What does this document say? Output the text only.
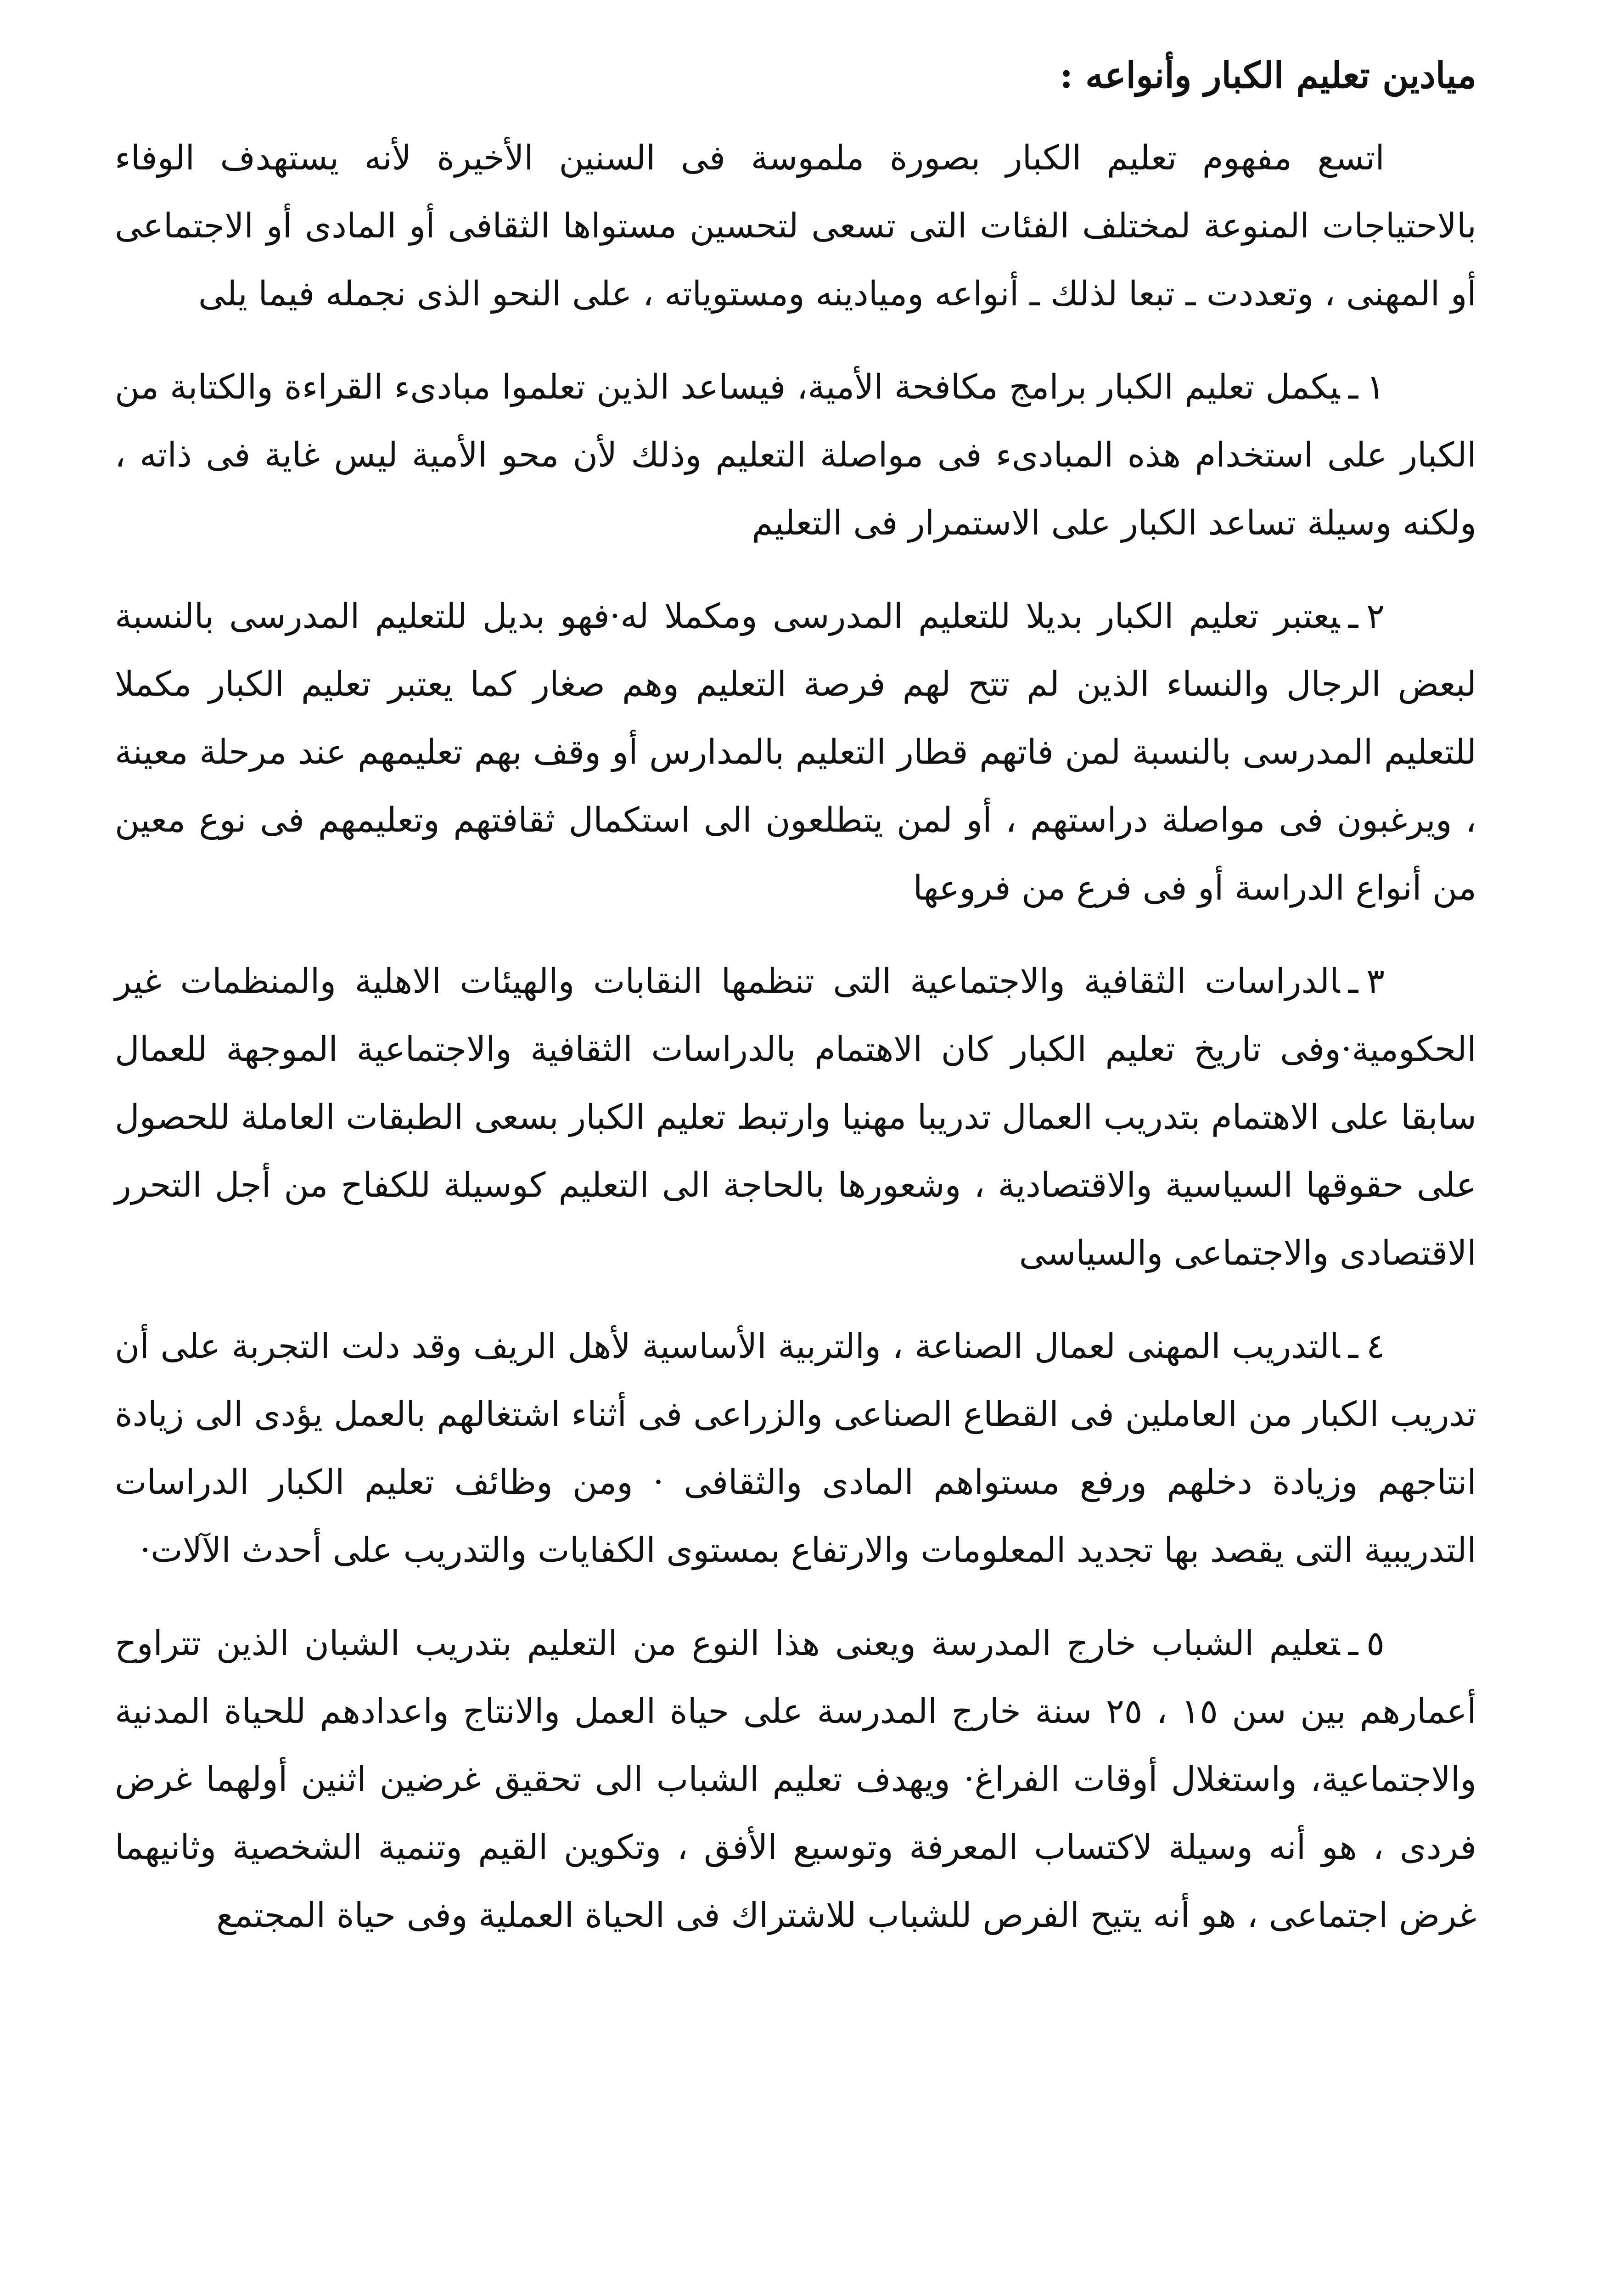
ميادين تعليم الكبار وأنواعه :

اتسع مفهوم تعليم الكبار بصورة ملموسة فى السنين الأخيرة لأنه يستهدف الوفاء بالاحتياجات المنوعة لمختلف الفئات التى تسعى لتحسين مستواها الثقافى أو المادى أو الاجتماعى أو المهنى ، وتعددت ـ تبعا لذلك ـ أنواعه وميادينه ومستوياته ، على النحو الذى نجمله فيما يلى

١ـيكمل تعليم الكبار برامج مكافحة الأمية، فيساعد الذين تعلموا مبادىء القراءة والكتابة من الكبار على استخدام هذه المبادىء فى مواصلة التعليم وذلك لأن محو الأمية ليس غاية فى ذاته ، ولكنه وسيلة تساعد الكبار على الاستمرار فى التعليم

٢ـيعتبر تعليم الكبار بديلا للتعليم المدرسى ومكملا له·فهو بديل للتعليم المدرسى بالنسبة لبعض الرجال والنساء الذين لم تتح لهم فرصة التعليم وهم صغار كما يعتبر تعليم الكبار مكملا للتعليم المدرسى بالنسبة لمن فاتهم قطار التعليم بالمدارس أو وقف بهم تعليمهم عند مرحلة معينة ، ويرغبون فى مواصلة دراستهم ، أو لمن يتطلعون الى استكمال ثقافتهم وتعليمهم فى نوع معين من أنواع الدراسة أو فى فرع من فروعها

٣ـالدراسات الثقافية والاجتماعية التى تنظمها النقابات والهيئات الاهلية والمنظمات غير الحكومية·وفى تاريخ تعليم الكبار كان الاهتمام بالدراسات الثقافية والاجتماعية الموجهة للعمال سابقا على الاهتمام بتدريب العمال تدريبا مهنيا وارتبط تعليم الكبار بسعى الطبقات العاملة للحصول على حقوقها السياسية والاقتصادية ، وشعورها بالحاجة الى التعليم كوسيلة للكفاح من أجل التحرر الاقتصادى والاجتماعى والسياسى

٤ـالتدريب المهنى لعمال الصناعة ، والتربية الأساسية لأهل الريف وقد دلت التجربة على أن تدريب الكبار من العاملين فى القطاع الصناعى والزراعى فى أثناء اشتغالهم بالعمل يؤدى الى زيادة انتاجهم وزيادة دخلهم ورفع مستواهم المادى والثقافى · ومن وظائف تعليم الكبار الدراسات التدريبية التى يقصد بها تجديد المعلومات والارتفاع بمستوى الكفايات والتدريب على أحدث الآلات·

٥ـتعليم الشباب خارج المدرسة ويعنى هذا النوع من التعليم بتدريب الشبان الذين تتراوح أعمارهم بين سن ١٥ ، ٢٥ سنة خارج المدرسة على حياة العمل والانتاج واعدادهم للحياة المدنية والاجتماعية، واستغلال أوقات الفراغ· ويهدف تعليم الشباب الى تحقيق غرضين اثنين أولهما غرض فردى ، هو أنه وسيلة لاكتساب المعرفة وتوسيع الأفق ، وتكوين القيم وتنمية الشخصية وثانيهما غرض اجتماعى ، هو أنه يتيح الفرص للشباب للاشتراك فى الحياة العملية وفى حياة المجتمع
